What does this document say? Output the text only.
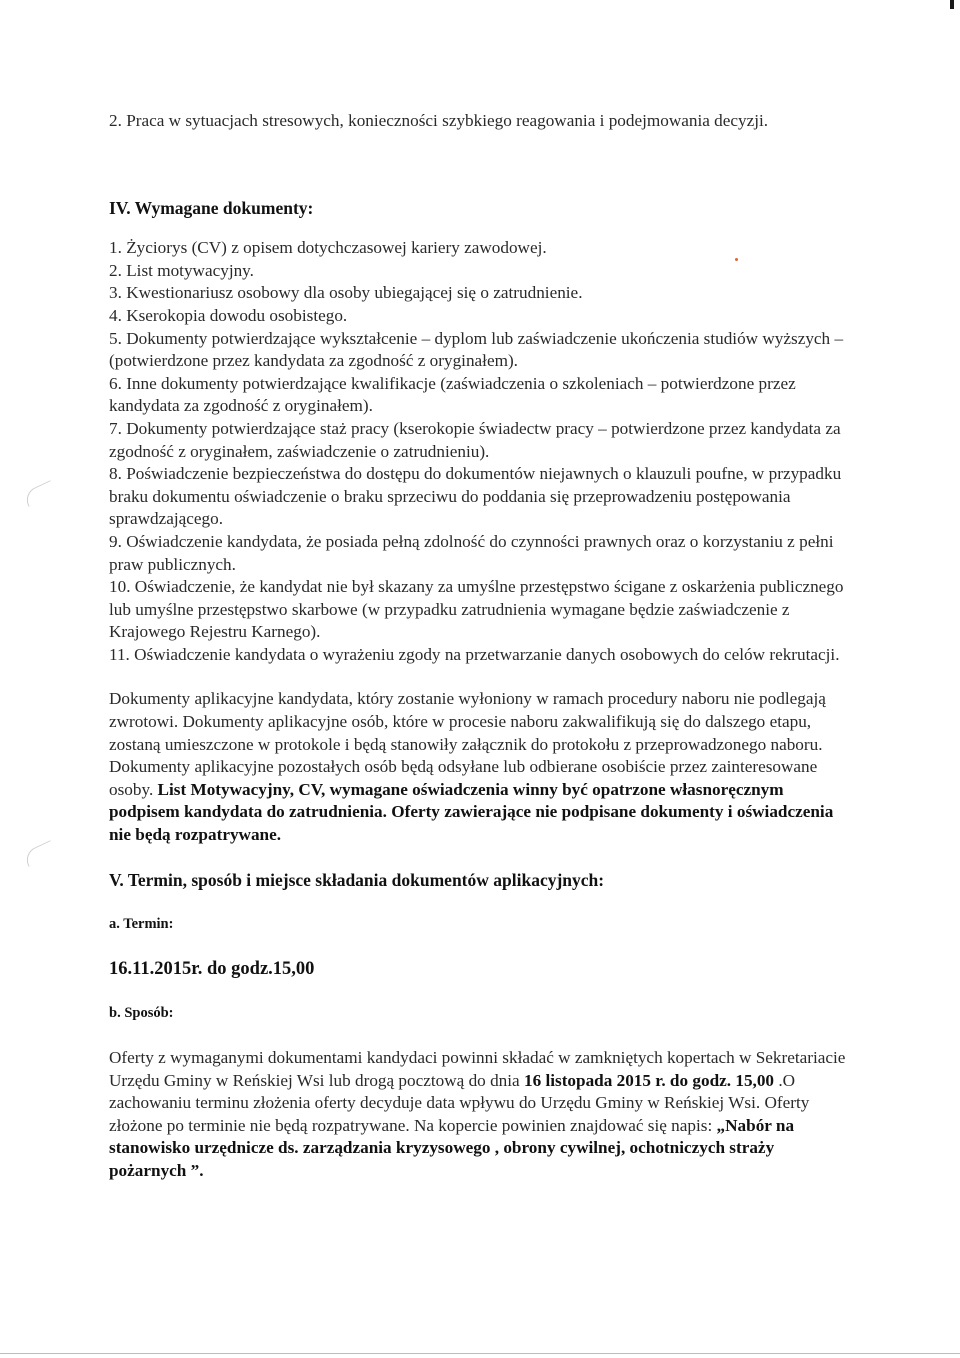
2. Praca w sytuacjach stresowych, konieczności szybkiego reagowania i podejmowania decyzji.

IV. Wymagane dokumenty:

1. Życiorys (CV) z opisem dotychczasowej kariery zawodowej.

2. List motywacyjny.

3. Kwestionariusz osobowy dla osoby ubiegającej się o zatrudnienie.

4. Kserokopia dowodu osobistego.

5. Dokumenty potwierdzające wykształcenie – dyplom lub zaświadczenie ukończenia studiów wyższych – (potwierdzone przez kandydata za zgodność z oryginałem).

6. Inne dokumenty potwierdzające kwalifikacje (zaświadczenia o szkoleniach – potwierdzone przez kandydata za zgodność z oryginałem).

7. Dokumenty potwierdzające staż pracy (kserokopie świadectw pracy – potwierdzone przez kandydata za zgodność z oryginałem, zaświadczenie o zatrudnieniu).

8. Poświadczenie bezpieczeństwa do dostępu do dokumentów niejawnych o klauzuli poufne, w przypadku braku dokumentu oświadczenie o braku sprzeciwu do poddania się przeprowadzeniu postępowania sprawdzającego.

9. Oświadczenie kandydata, że posiada pełną zdolność do czynności prawnych oraz o korzystaniu z pełni praw publicznych.

10. Oświadczenie, że kandydat nie był skazany za umyślne przestępstwo ścigane z oskarżenia publicznego lub umyślne przestępstwo skarbowe (w przypadku zatrudnienia wymagane będzie zaświadczenie z Krajowego Rejestru Karnego).

11. Oświadczenie kandydata o wyrażeniu zgody na przetwarzanie danych osobowych do celów rekrutacji.

Dokumenty aplikacyjne kandydata, który zostanie wyłoniony w ramach procedury naboru nie podlegają zwrotowi. Dokumenty aplikacyjne osób, które w procesie naboru zakwalifikują się do dalszego etapu, zostaną umieszczone w protokole i będą stanowiły załącznik do protokołu z przeprowadzonego naboru. Dokumenty aplikacyjne pozostałych osób będą odsyłane lub odbierane osobiście przez zainteresowane osoby. List Motywacyjny, CV, wymagane oświadczenia winny być opatrzone własnoręcznym podpisem kandydata do zatrudnienia. Oferty zawierające nie podpisane dokumenty i oświadczenia nie będą rozpatrywane.

V. Termin, sposób i miejsce składania dokumentów aplikacyjnych:

a. Termin:

16.11.2015r. do godz.15,00

b. Sposób:

Oferty z wymaganymi dokumentami kandydaci powinni składać w zamkniętych kopertach w Sekretariacie Urzędu Gminy w Reńskiej Wsi lub drogą pocztową do dnia 16 listopada 2015 r. do godz. 15,00 .O zachowaniu terminu złożenia oferty decyduje data wpływu do Urzędu Gminy w Reńskiej Wsi. Oferty złożone po terminie nie będą rozpatrywane. Na kopercie powinien znajdować się napis: „Nabór na stanowisko urzędnicze ds. zarządzania kryzysowego , obrony cywilnej, ochotniczych straży pożarnych ”.
